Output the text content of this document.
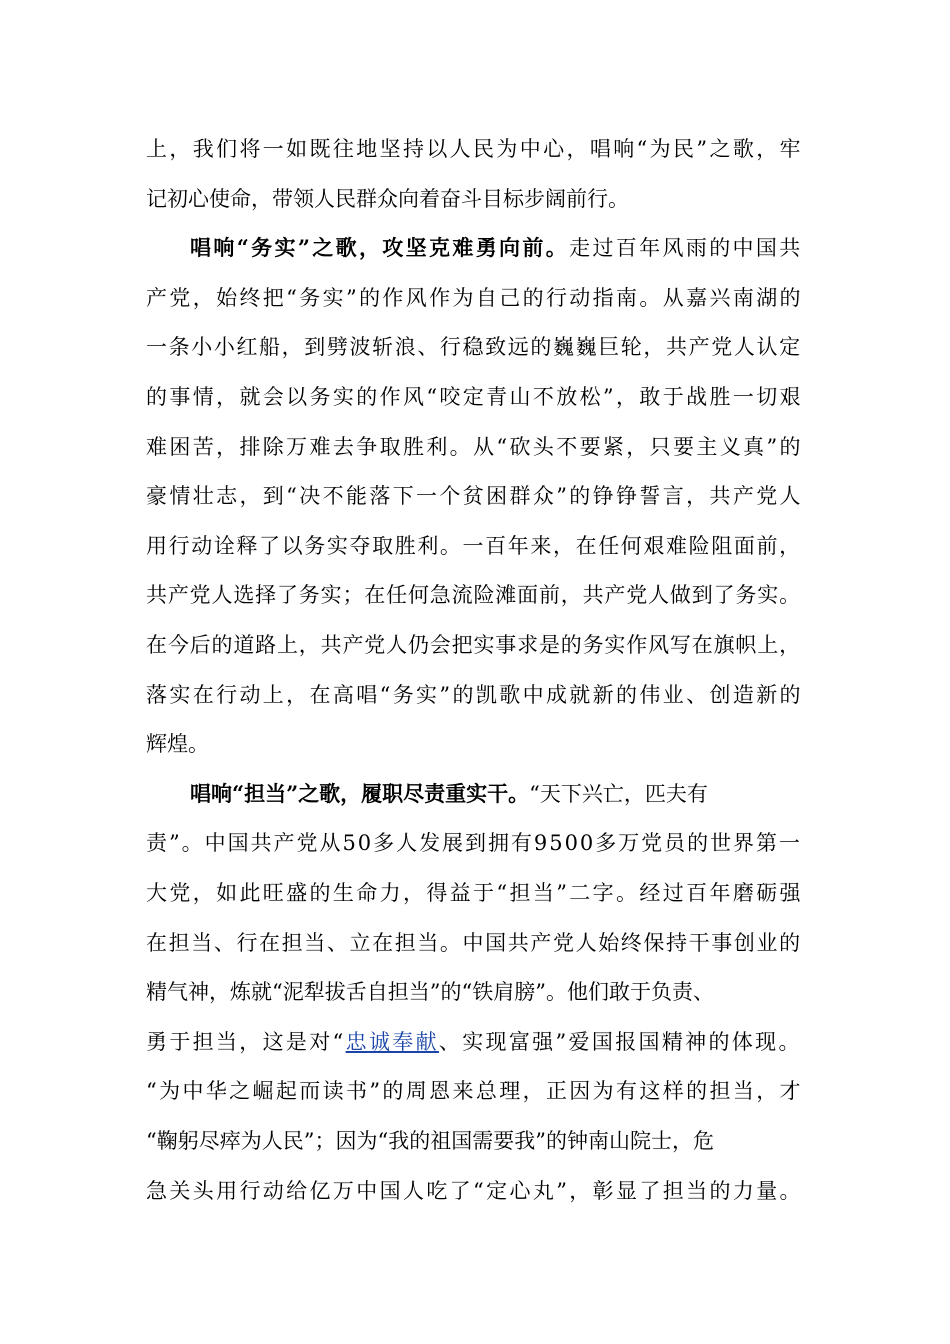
上，我们将一如既往地坚持以人民为中心，唱响“为民”之歌，牢
记初心使命，带领人民群众向着奋斗目标步阔前行。
唱响“务实”之歌，攻坚克难勇向前。走过百年风雨的中国共
产党，始终把“务实”的作风作为自己的行动指南。从嘉兴南湖的
一条小小红船，到劈波斩浪、行稳致远的巍巍巨轮，共产党人认定
的事情，就会以务实的作风“咬定青山不放松”，敢于战胜一切艰
难困苦，排除万难去争取胜利。从“砍头不要紧，只要主义真”的
豪情壮志，到“决不能落下一个贫困群众”的铮铮誓言，共产党人
用行动诠释了以务实夺取胜利。一百年来，在任何艰难险阻面前，
共产党人选择了务实；在任何急流险滩面前，共产党人做到了务实。
在今后的道路上，共产党人仍会把实事求是的务实作风写在旗帜上，
落实在行动上，在高唱“务实”的凯歌中成就新的伟业、创造新的
辉煌。
唱响“担当”之歌，履职尽责重实干。“天下兴亡，匹夫有
责”。中国共产党从50多人发展到拥有9500多万党员的世界第一
大党，如此旺盛的生命力，得益于“担当”二字。经过百年磨砺强
在担当、行在担当、立在担当。中国共产党人始终保持干事创业的
精气神，炼就“泥犁拔舌自担当”的“铁肩膀”。他们敢于负责、
勇于担当，这是对“忠诚奉献、实现富强”爱国报国精神的体现。
“为中华之崛起而读书”的周恩来总理，正因为有这样的担当，才
“鞠躬尽瘁为人民”；因为“我的祖国需要我”的钟南山院士，危
急关头用行动给亿万中国人吃了“定心丸”，彰显了担当的力量。
